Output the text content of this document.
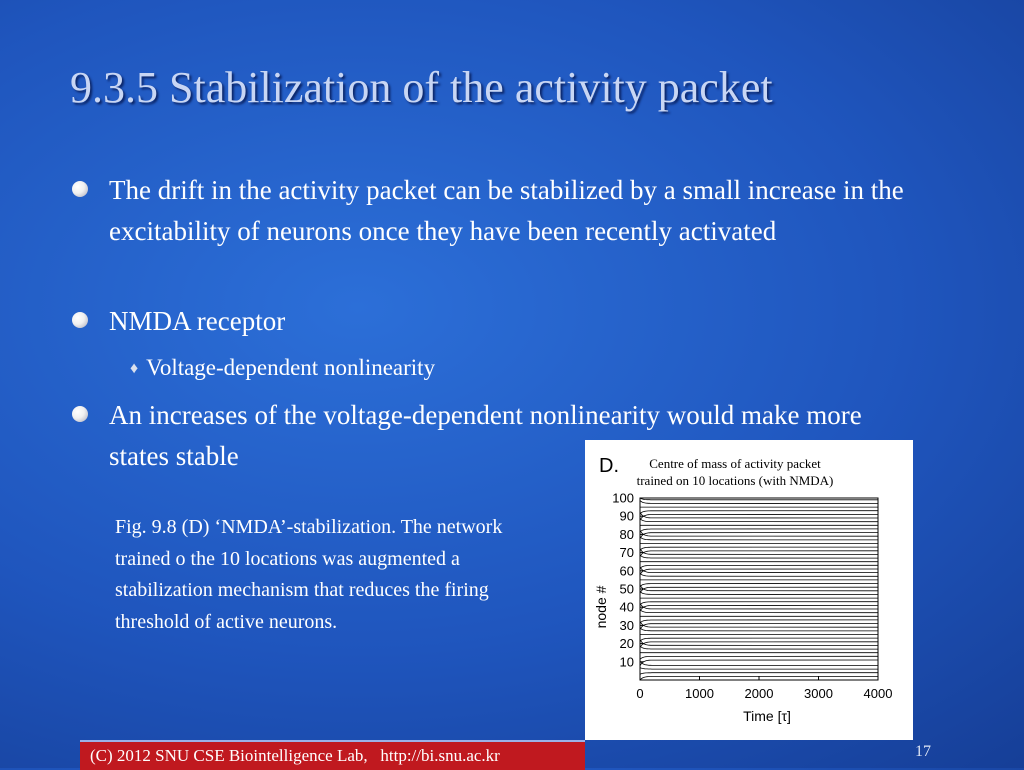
9.3.5 Stabilization of the activity packet
The drift in the activity packet can be stabilized by a small increase in the excitability of neurons once they have been recently activated
NMDA receptor
♦ Voltage-dependent nonlinearity
An increases of the voltage-dependent nonlinearity would make more states stable
Fig. 9.8 (D) ‘NMDA’-stabilization. The network trained o the 10 locations was augmented a stabilization mechanism that reduces the firing threshold of active neurons.
D. Centre of mass of activity packet
trained on 10 locations (with NMDA)
Time [τ]
node #
0	1000 2000 3000 4000
10
20
30
40
50
60
70
80
90
100
(C) 2012 SNU CSE Biointelligence Lab,   http://bi.snu.ac.kr	17
